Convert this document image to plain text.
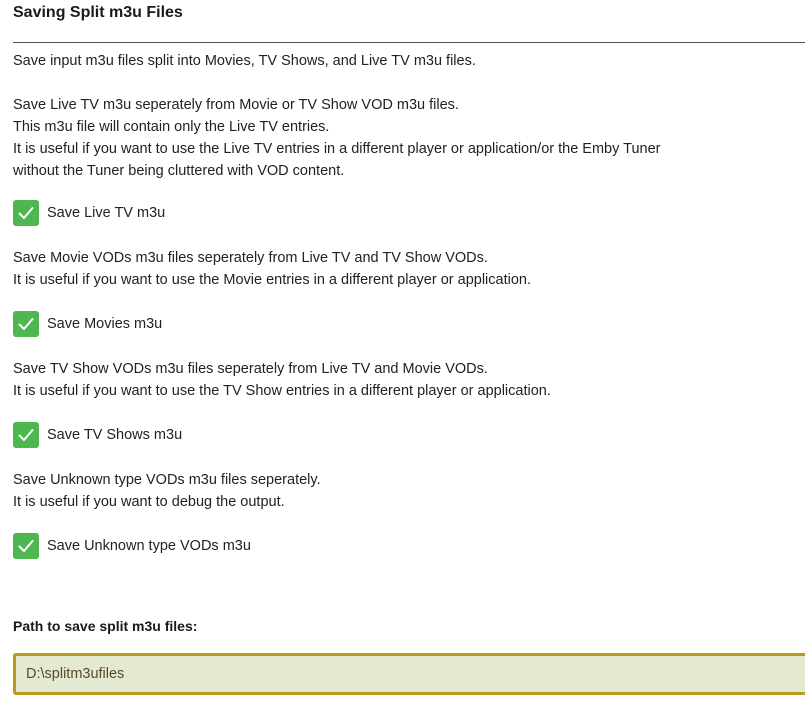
Saving Split m3u Files

Save input m3u files split into Movies, TV Shows, and Live TV m3u files.

Save Live TV m3u seperately from Movie or TV Show VOD m3u files.
This m3u file will contain only the Live TV entries.
It is useful if you want to use the Live TV entries in a different player or application/or the Emby Tuner
without the Tuner being cluttered with VOD content.

Save Live TV m3u

Save Movie VODs m3u files seperately from Live TV and TV Show VODs.
It is useful if you want to use the Movie entries in a different player or application.

Save Movies m3u

Save TV Show VODs m3u files seperately from Live TV and Movie VODs.
It is useful if you want to use the TV Show entries in a different player or application.

Save TV Shows m3u

Save Unknown type VODs m3u files seperately.
It is useful if you want to debug the output.

Save Unknown type VODs m3u
Path to save split m3u files:
D:\splitm3ufiles
